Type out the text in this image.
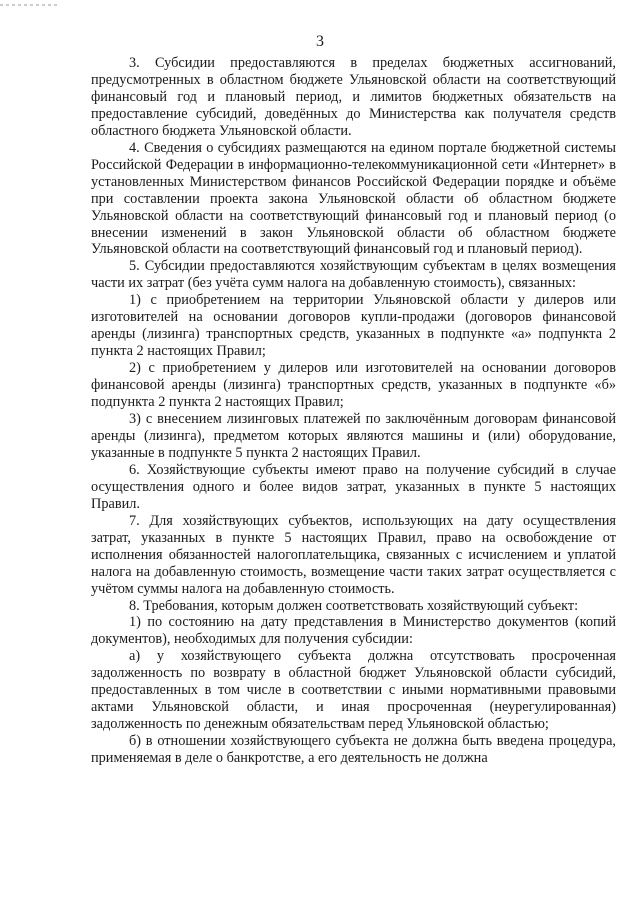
3

3. Субсидии предоставляются в пределах бюджетных ассигнований, предусмотренных в областном бюджете Ульяновской области на соответствующий финансовый год и плановый период, и лимитов бюджетных обязательств на предоставление субсидий, доведённых до Министерства как получателя средств областного бюджета Ульяновской области.

4. Сведения о субсидиях размещаются на едином портале бюджетной системы Российской Федерации в информационно-телекоммуникационной сети «Интернет» в установленных Министерством финансов Российской Федерации порядке и объёме при составлении проекта закона Ульяновской области об областном бюджете Ульяновской области на соответствующий финансовый год и плановый период (о внесении изменений в закон Ульяновской области об областном бюджете Ульяновской области на соответствующий финансовый год и плановый период).

5. Субсидии предоставляются хозяйствующим субъектам в целях возмещения части их затрат (без учёта сумм налога на добавленную стоимость), связанных:

1) с приобретением на территории Ульяновской области у дилеров или изготовителей на основании договоров купли-продажи (договоров финансовой аренды (лизинга) транспортных средств, указанных в подпункте «а» подпункта 2 пункта 2 настоящих Правил;

2) с приобретением у дилеров или изготовителей на основании договоров финансовой аренды (лизинга) транспортных средств, указанных в подпункте «б» подпункта 2 пункта 2 настоящих Правил;

3) с внесением лизинговых платежей по заключённым договорам финансовой аренды (лизинга), предметом которых являются машины и (или) оборудование, указанные в подпункте 5 пункта 2 настоящих Правил.

6. Хозяйствующие субъекты имеют право на получение субсидий в случае осуществления одного и более видов затрат, указанных в пункте 5 настоящих Правил.

7. Для хозяйствующих субъектов, использующих на дату осуществления затрат, указанных в пункте 5 настоящих Правил, право на освобождение от исполнения обязанностей налогоплательщика, связанных с исчислением и уплатой налога на добавленную стоимость, возмещение части таких затрат осуществляется с учётом суммы налога на добавленную стоимость.

8. Требования, которым должен соответствовать хозяйствующий субъект:

1) по состоянию на дату представления в Министерство документов (копий документов), необходимых для получения субсидии:

а) у хозяйствующего субъекта должна отсутствовать просроченная задолженность по возврату в областной бюджет Ульяновской области субсидий, предоставленных в том числе в соответствии с иными нормативными правовыми актами Ульяновской области, и иная просроченная (неурегулированная) задолженность по денежным обязательствам перед Ульяновской областью;

б) в отношении хозяйствующего субъекта не должна быть введена процедура, применяемая в деле о банкротстве, а его деятельность не должна
